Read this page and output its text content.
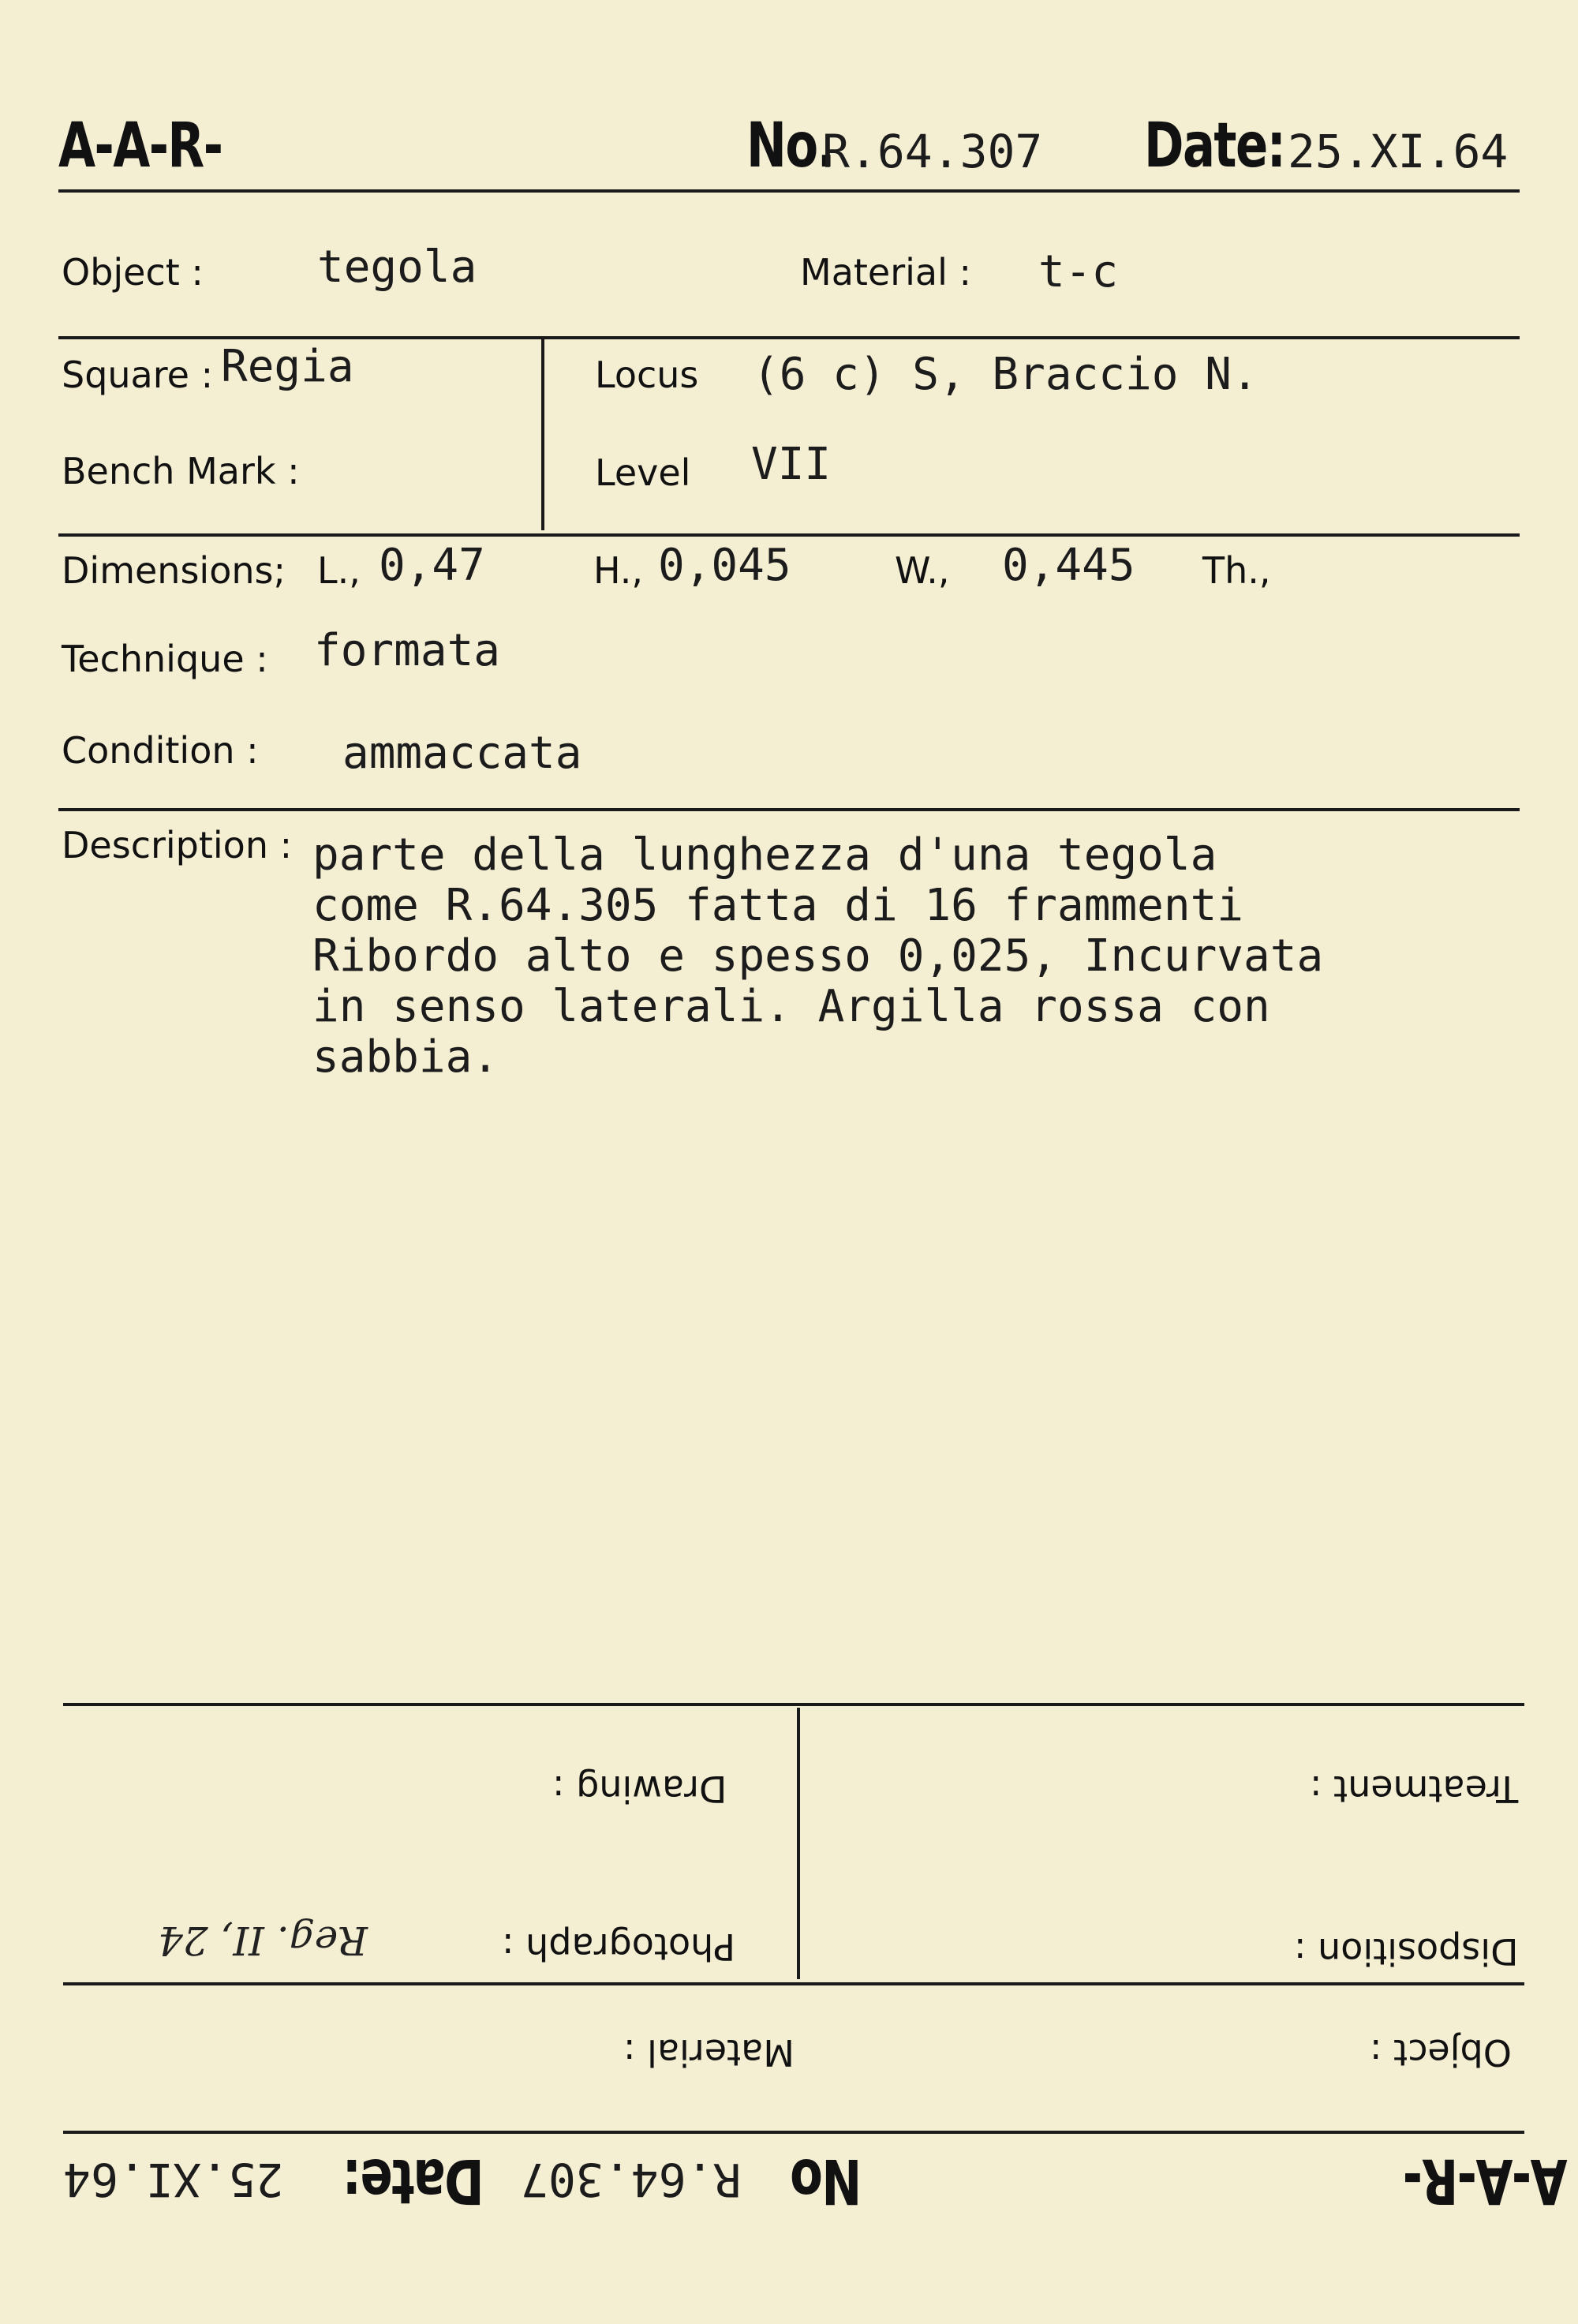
A-A-R-	No.
R.64.307 Date: 25.XI.64
Object :	tegola	Material : t-c
Square : Regia
Bench Mark :
Locus (6 c) S, Braccio N.
Level VII
Dimensions; L., 0,47	H., 0,045	W., 0,445 Th.,
Technique : formata
Condition : ammaccata
Description : parte della lunghezza d'una tegola
come R.64.305 fatta di 16 frammenti
Ribordo alto e spesso 0,025, Incurvata
in senso laterali. Argilla rossa con
sabbia.
Treatment :
Drawing :
Disposition :
Photograph :
Reg. II, 24
Object :
Material :
A-A-R-
R.64.307 No
Date:
25.XI.64
